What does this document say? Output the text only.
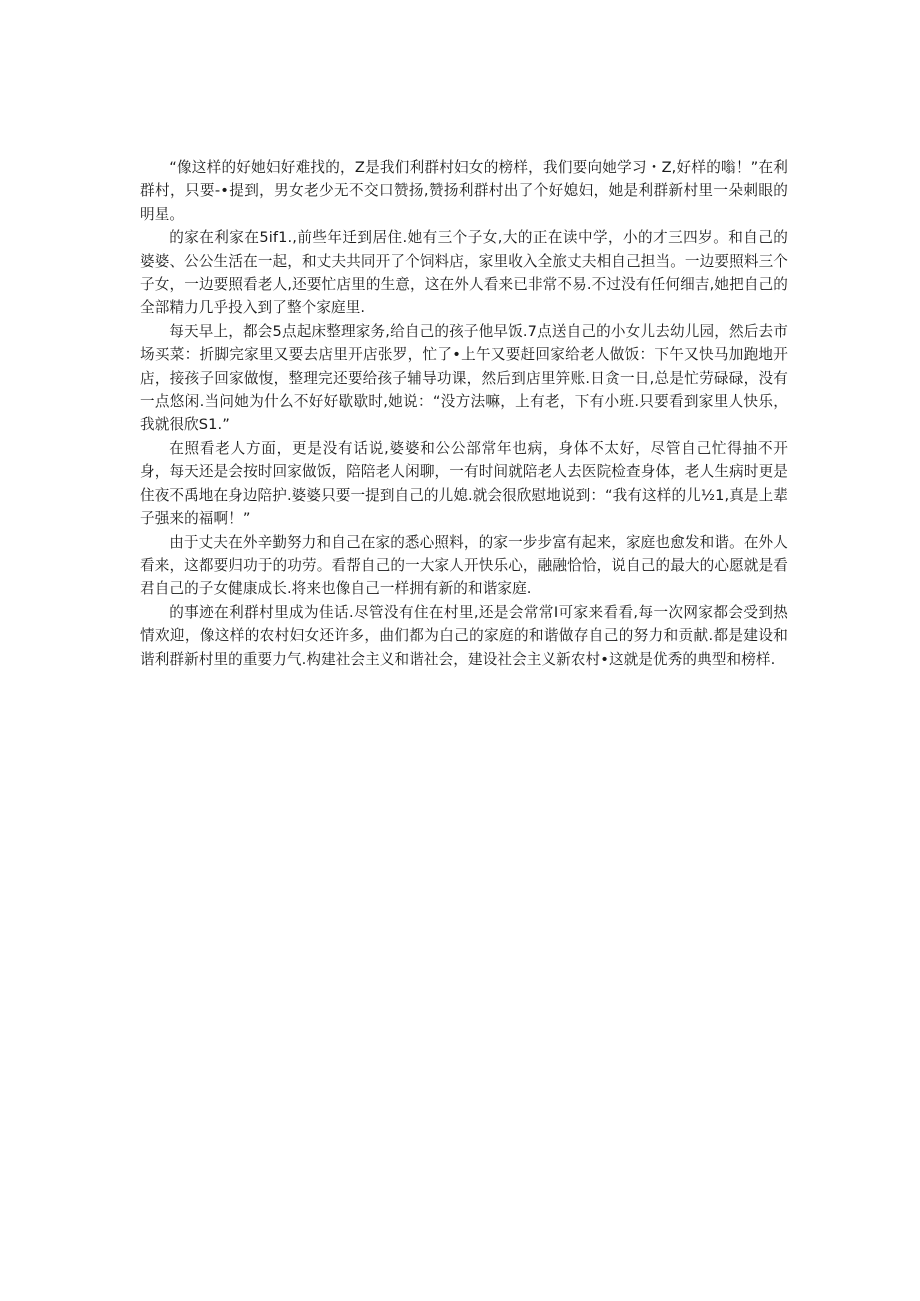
“像这样的好她妇好难找的，Z是我们利群村妇女的榜样，我们要向她学习・Z,好样的嗡！”在利群村，只要-•提到，男女老少无不交口赞扬,赞扬利群村出了个好媳妇，她是利群新村里一朵刺眼的明星。

的家在利家在5if1.,前些年迁到居住.她有三个子女,大的正在读中学，小的才三四岁。和自己的婆婆、公公生活在一起，和丈夫共同开了个饲料店，家里收入全旅丈夫相自己担当。一边要照料三个子女，一边要照看老人,还要忙店里的生意，这在外人看来已非常不易.不过没有任何细吉,她把自己的全部精力几乎投入到了整个家庭里.

每天早上，都会5点起床整理家务,给自己的孩子他早饭.7点送自己的小女儿去幼儿园，然后去市场买菜：折脚完家里又要去店里开店张罗，忙了•上午又要赶回家给老人做饭：下午又快马加跑地开店，接孩子回家做愎，整理完还要给孩子辅导功课，然后到店里笄账.日贪一日,总是忙劳碌碌，没有一点悠闲.当问她为什么不好好歇歇时,她说：“没方法嘛，上有老，下有小班.只要看到家里人快乐，我就很欣S1.”

在照看老人方面，更是没有话说,婆婆和公公部常年也病，身体不太好，尽管自己忙得抽不开身，每天还是会按时回家做饭，陪陪老人闲聊，一有时间就陪老人去医院检查身体，老人生病时更是住夜不禹地在身边陪护.婆婆只要一提到自己的儿媳.就会很欣慰地说到：“我有这样的儿½1,真是上辈子强来的福啊！”

由于丈夫在外辛勤努力和自己在家的悉心照料，的家一步步富有起来，家庭也愈发和谐。在外人看来，这都要归功于的功劳。看帮自己的一大家人开快乐心，融融恰恰，说自己的最大的心愿就是看君自己的子女健康成长.将来也像自己一样拥有新的和谐家庭.

的事迹在利群村里成为佳话.尽管没有住在村里,还是会常常I可家来看看,每一次网家都会受到热情欢迎，像这样的农村妇女还许多，曲们都为白己的家庭的和谐做存自己的努力和贡献.都是建设和谐利群新村里的重要力气.构建社会主义和谐社会，建设社会主义新农村•这就是优秀的典型和榜样.
